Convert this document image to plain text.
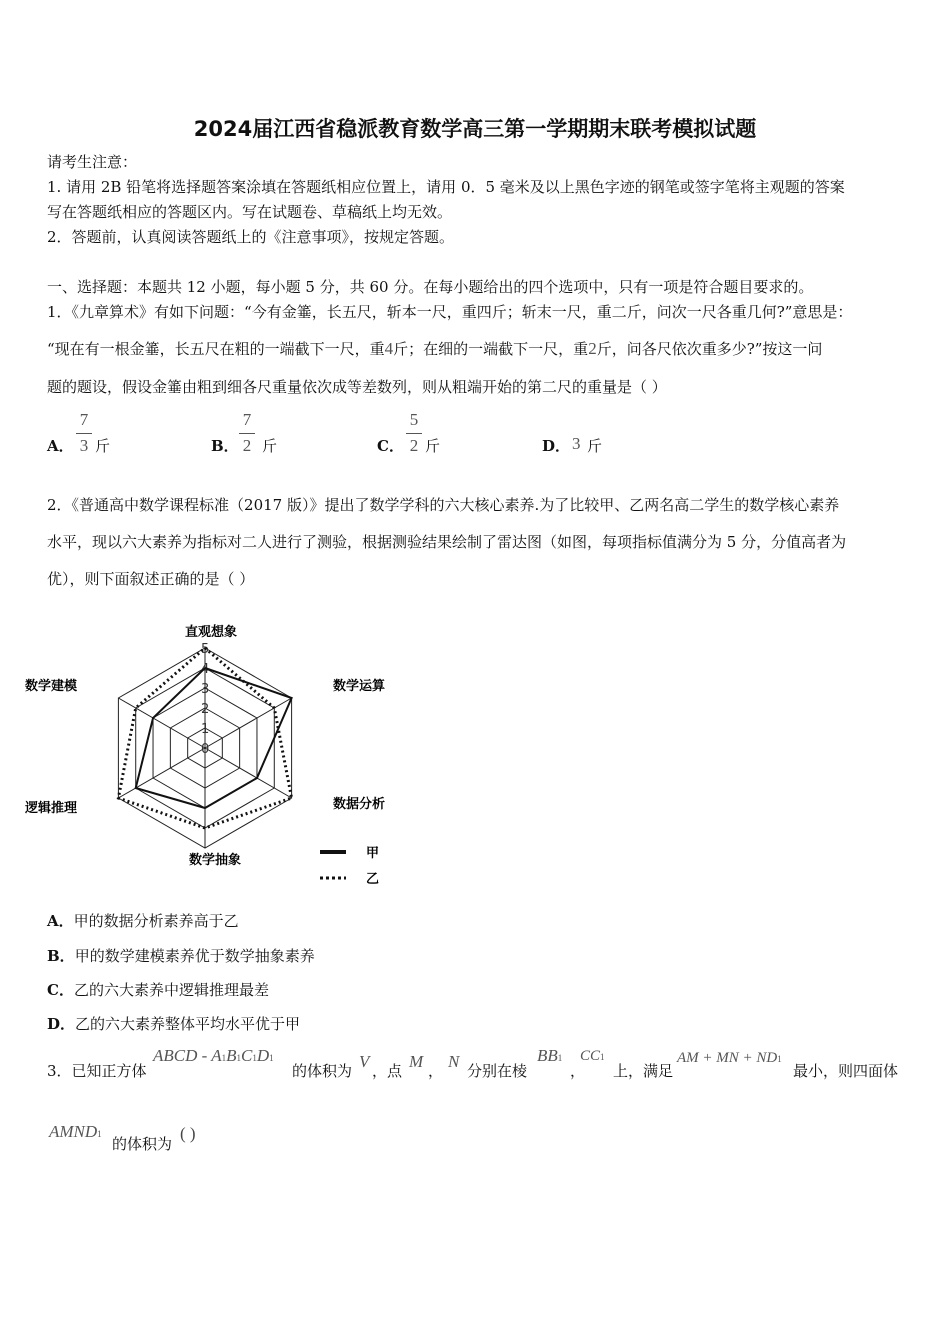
2024届江西省稳派教育数学高三第一学期期末联考模拟试题
请考生注意：
1. 请用 2B 铅笔将选择题答案涂填在答题纸相应位置上，请用 0．5 毫米及以上黑色字迹的钢笔或签字笔将主观题的答案
写在答题纸相应的答题区内。写在试题卷、草稿纸上均无效。
2．答题前，认真阅读答题纸上的《注意事项》，按规定答题。
一、选择题：本题共 12 小题，每小题 5 分，共 60 分。在每小题给出的四个选项中，只有一项是符合题目要求的。
1．《九章算术》有如下问题：“今有金箠，长五尺，斩本一尺，重四斤；斩末一尺，重二斤，问次一尺各重几何?”意思是：
“现在有一根金箠，长五尺在粗的一端截下一尺，重4斤；在细的一端截下一尺，重2斤，问各尺依次重多少?”按这一问
题的题设，假设金箠由粗到细各尺重量依次成等差数列，则从粗端开始的第二尺的重量是（ ）
A．
7
3 斤	B．
7
2 斤	C．
5
2 斤	D． 3 斤
2．《普通高中数学课程标准（2017 版）》提出了数学学科的六大核心素养.为了比较甲、乙两名高二学生的数学核心素养
水平，现以六大素养为指标对二人进行了测验，根据测验结果绘制了雷达图（如图，每项指标值满分为 5 分，分值高者为
优），则下面叙述正确的是（ ）
0
1
2
3
4
5
直观想象
数学运算
数据分析
数学抽象
逻辑推理
数学建模
甲
乙
A．甲的数据分析素养高于乙
B．甲的数学建模素养优于数学抽象素养
C．乙的六大素养中逻辑推理最差
D．乙的六大素养整体平均水平优于甲
3．已知正方体
ABCD - A1B1C1D1
的体积为 V ，点 M ， N 分别在棱
BB1
，
CC1
上，满足
AM + MN + ND1
最小，则四面体
AMND1
的体积为
( )
